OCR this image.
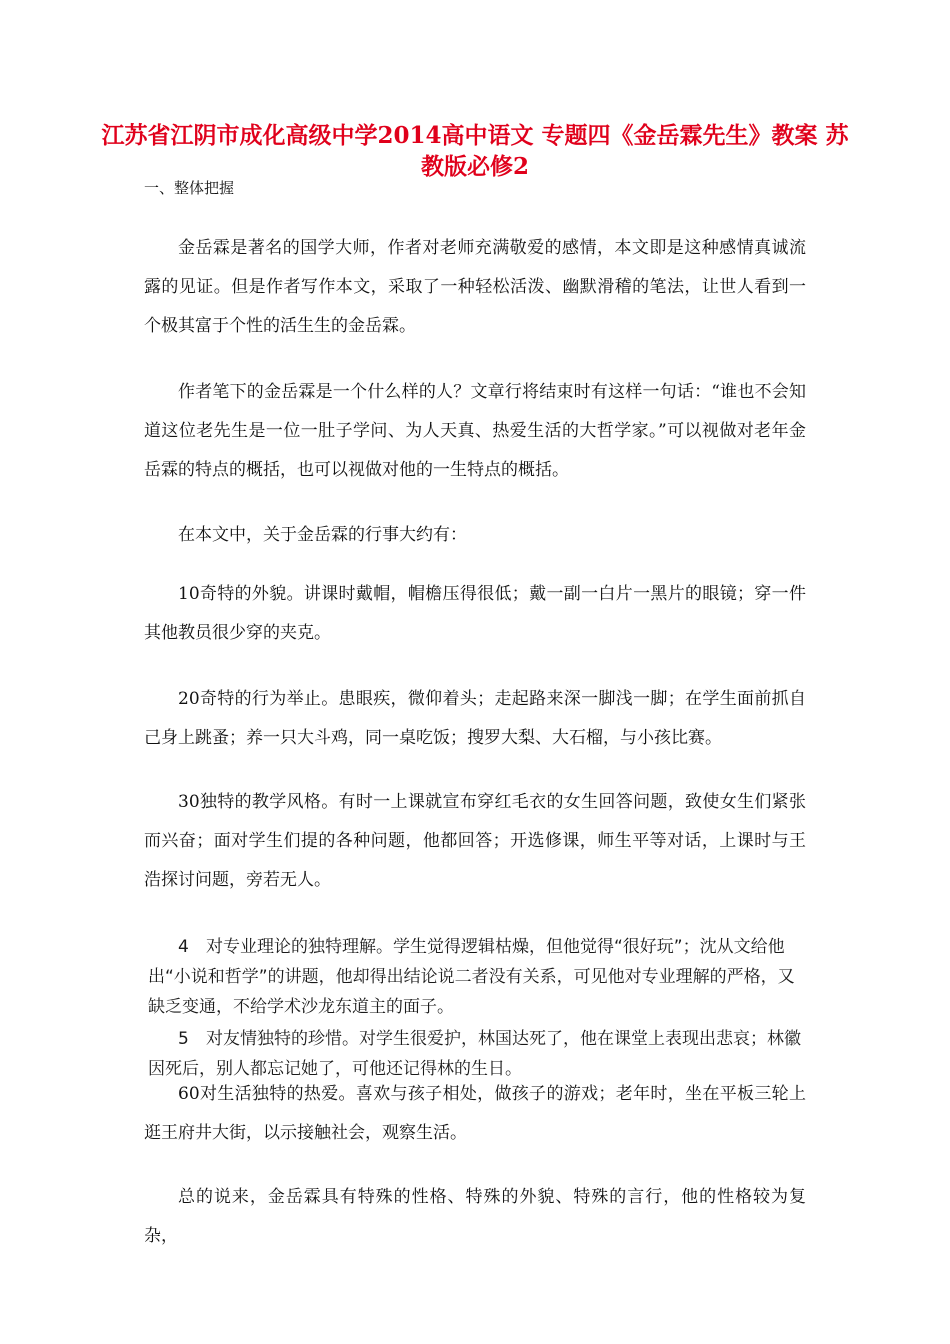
江苏省江阴市成化高级中学2014高中语文 专题四《金岳霖先生》教案 苏教版必修2

一、整体把握

金岳霖是著名的国学大师，作者对老师充满敬爱的感情，本文即是这种感情真诚流露的见证。但是作者写作本文，采取了一种轻松活泼、幽默滑稽的笔法，让世人看到一个极其富于个性的活生生的金岳霖。

作者笔下的金岳霖是一个什么样的人？文章行将结束时有这样一句话：“谁也不会知道这位老先生是一位一肚子学问、为人天真、热爱生活的大哲学家。”可以视做对老年金岳霖的特点的概括，也可以视做对他的一生特点的概括。

在本文中，关于金岳霖的行事大约有：

10奇特的外貌。讲课时戴帽，帽檐压得很低；戴一副一白片一黑片的眼镜；穿一件其他教员很少穿的夹克。

20奇特的行为举止。患眼疾，微仰着头；走起路来深一脚浅一脚；在学生面前抓自己身上跳蚤；养一只大斗鸡，同一桌吃饭；搜罗大梨、大石榴，与小孩比赛。

30独特的教学风格。有时一上课就宣布穿红毛衣的女生回答问题，致使女生们紧张而兴奋；面对学生们提的各种问题，他都回答；开选修课，师生平等对话，上课时与王浩探讨问题，旁若无人。

4 对专业理论的独特理解。学生觉得逻辑枯燥，但他觉得“很好玩”；沈从文给他出“小说和哲学”的讲题，他却得出结论说二者没有关系，可见他对专业理解的严格，又缺乏变通，不给学术沙龙东道主的面子。

5 对友情独特的珍惜。对学生很爱护，林国达死了，他在课堂上表现出悲哀；林徽因死后，别人都忘记她了，可他还记得林的生日。

60对生活独特的热爱。喜欢与孩子相处，做孩子的游戏；老年时，坐在平板三轮上逛王府井大街，以示接触社会，观察生活。

总的说来，金岳霖具有特殊的性格、特殊的外貌、特殊的言行，他的性格较为复杂，
